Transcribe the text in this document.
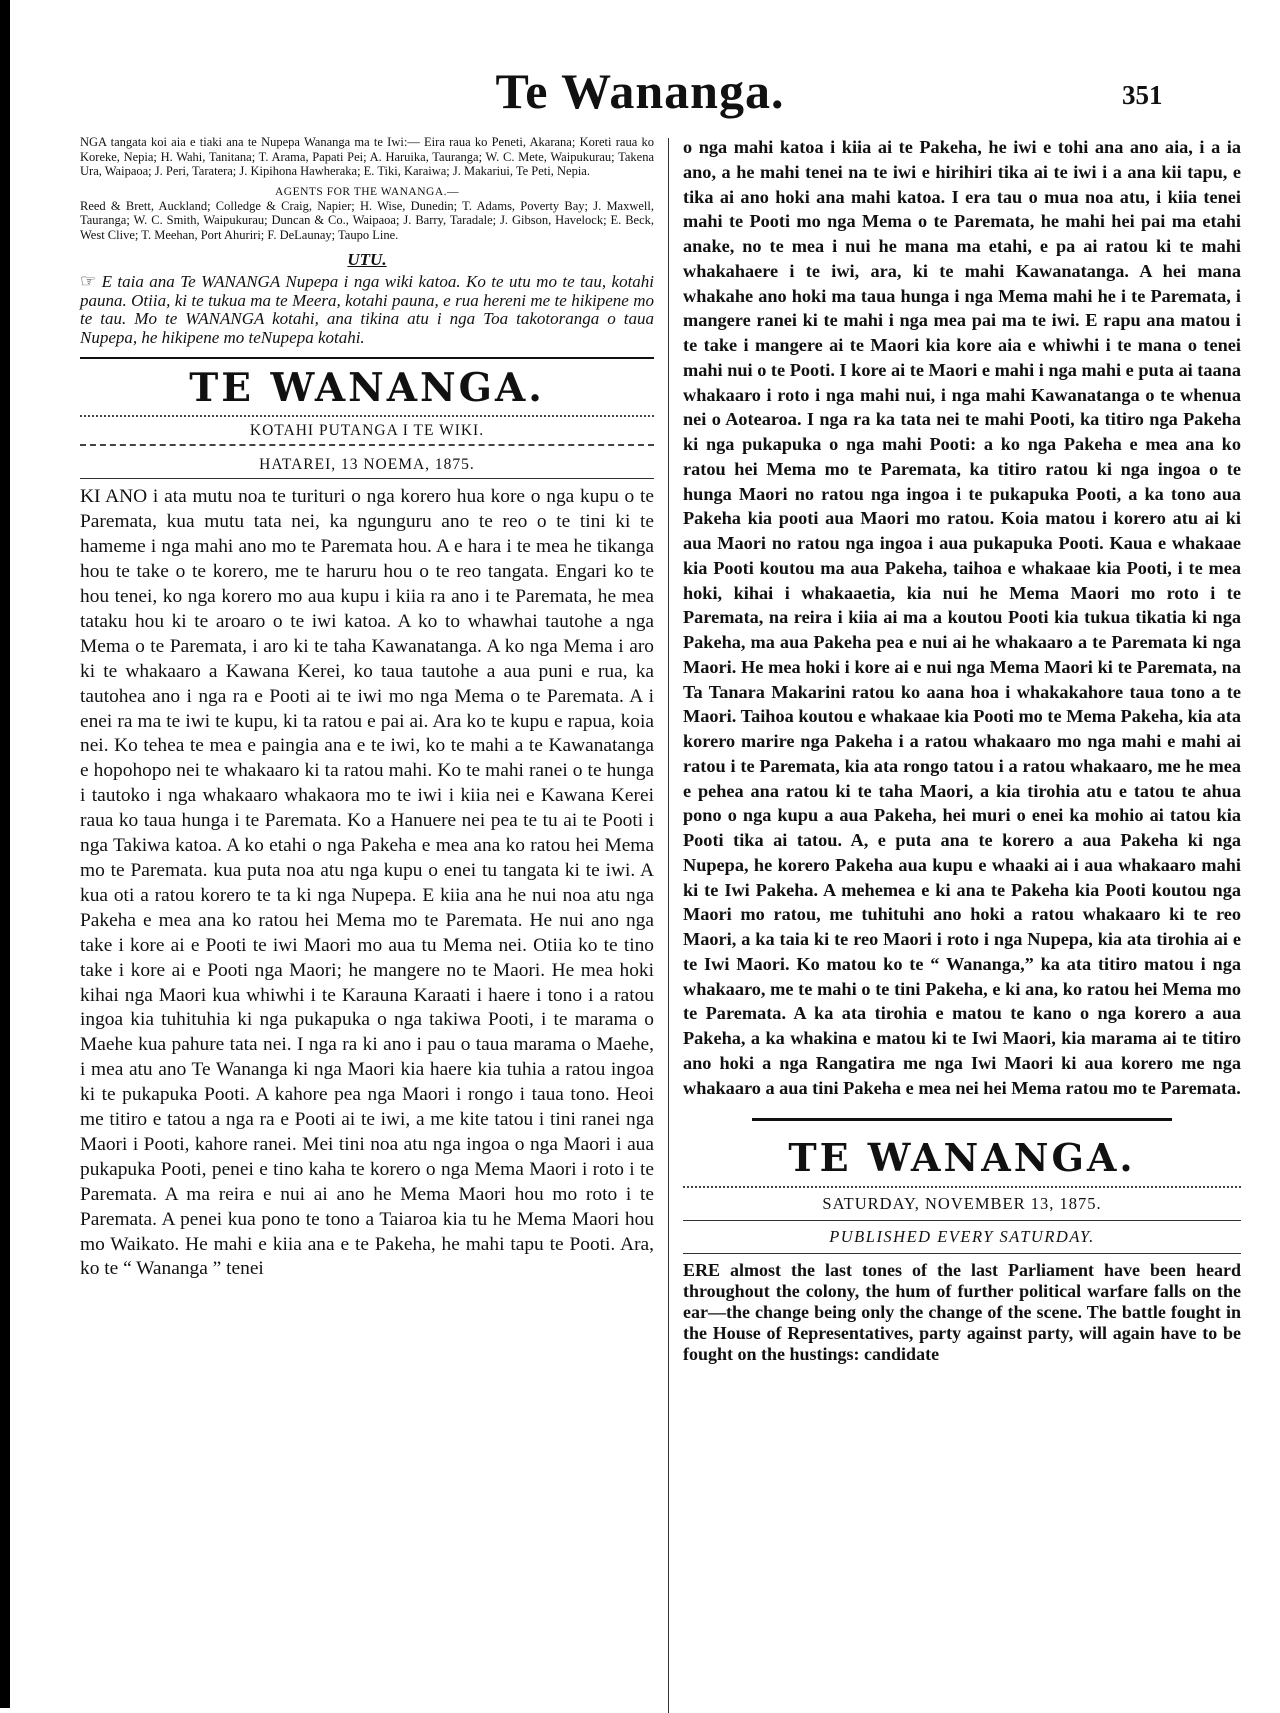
Te Wananga.	351

NGA tangata koi aia e tiaki ana te Nupepa Wananga ma te Iwi:— Eira raua ko Peneti, Akarana; Koreti raua ko Koreke, Nepia; H. Wahi, Tanitana; T. Arama, Papati Pei; A. Haruika, Tauranga; W. C. Mete, Waipukurau; Takena Ura, Waipaoa; J. Peri, Taratera; J. Kipihona Hawheraka; E. Tiki, Karaiwa; J. Makariui, Te Peti, Nepia.

AGENTS FOR THE WANANGA.—

Reed & Brett, Auckland; Colledge & Craig, Napier; H. Wise, Dunedin; T. Adams, Poverty Bay; J. Maxwell, Tauranga; W. C. Smith, Waipukurau; Duncan & Co., Waipaoa; J. Barry, Taradale; J. Gibson, Havelock; E. Beck, West Clive; T. Meehan, Port Ahuriri; F. DeLaunay; Taupo Line.

UTU.

☞ E taia ana Te WANANGA Nupepa i nga wiki katoa. Ko te utu mo te tau, kotahi pauna. Otiia, ki te tukua ma te Meera, kotahi pauna, e rua hereni me te hikipene mo te tau. Mo te WANANGA kotahi, ana tikina atu i nga Toa takotoranga o taua Nupepa, he hikipene mo teNupepa kotahi.

TE WANANGA.
KOTAHI PUTANGA I TE WIKI.
HATAREI, 13 NOEMA, 1875.

KI ANO i ata mutu noa te turituri o nga korero hua kore o nga kupu o te Paremata, kua mutu tata nei, ka ngunguru ano te reo o te tini ki te hameme i nga mahi ano mo te Paremata hou. A e hara i te mea he tikanga hou te take o te korero, me te haruru hou o te reo tangata. Engari ko te hou tenei, ko nga korero mo aua kupu i kiia ra ano i te Paremata, he mea tataku hou ki te aroaro o te iwi katoa. A ko to whawhai tautohe a nga Mema o te Paremata, i aro ki te taha Kawanatanga. A ko nga Mema i aro ki te whakaaro a Kawana Kerei, ko taua tautohe a aua puni e rua, ka tautohea ano i nga ra e Pooti ai te iwi mo nga Mema o te Paremata. A i enei ra ma te iwi te kupu, ki ta ratou e pai ai. Ara ko te kupu e rapua, koia nei. Ko tehea te mea e paingia ana e te iwi, ko te mahi a te Kawanatanga e hopohopo nei te whakaaro ki ta ratou mahi. Ko te mahi ranei o te hunga i tautoko i nga whakaaro whakaora mo te iwi i kiia nei e Kawana Kerei raua ko taua hunga i te Paremata. Ko a Hanuere nei pea te tu ai te Pooti i nga Takiwa katoa. A ko etahi o nga Pakeha e mea ana ko ratou hei Mema mo te Paremata. kua puta noa atu nga kupu o enei tu tangata ki te iwi. A kua oti a ratou korero te ta ki nga Nupepa. E kiia ana he nui noa atu nga Pakeha e mea ana ko ratou hei Mema mo te Paremata. He nui ano nga take i kore ai e Pooti te iwi Maori mo aua tu Mema nei. Otiia ko te tino take i kore ai e Pooti nga Maori; he mangere no te Maori. He mea hoki kihai nga Maori kua whiwhi i te Karauna Karaati i haere i tono i a ratou ingoa kia tuhituhia ki nga pukapuka o nga takiwa Pooti, i te marama o Maehe kua pahure tata nei. I nga ra ki ano i pau o taua marama o Maehe, i mea atu ano Te Wananga ki nga Maori kia haere kia tuhia a ratou ingoa ki te pukapuka Pooti. A kahore pea nga Maori i rongo i taua tono. Heoi me titiro e tatou a nga ra e Pooti ai te iwi, a me kite tatou i tini ranei nga Maori i Pooti, kahore ranei. Mei tini noa atu nga ingoa o nga Maori i aua pukapuka Pooti, penei e tino kaha te korero o nga Mema Maori i roto i te Paremata. A ma reira e nui ai ano he Mema Maori hou mo roto i te Paremata. A penei kua pono te tono a Taiaroa kia tu he Mema Maori hou mo Waikato. He mahi e kiia ana e te Pakeha, he mahi tapu te Pooti. Ara, ko te “ Wananga ” tenei

o nga mahi katoa i kiia ai te Pakeha, he iwi e tohi ana ano aia, i a ia ano, a he mahi tenei na te iwi e hirihiri tika ai te iwi i a ana kii tapu, e tika ai ano hoki ana mahi katoa. I era tau o mua noa atu, i kiia tenei mahi te Pooti mo nga Mema o te Paremata, he mahi hei pai ma etahi anake, no te mea i nui he mana ma etahi, e pa ai ratou ki te mahi whakahaere i te iwi, ara, ki te mahi Kawanatanga. A hei mana whakahe ano hoki ma taua hunga i nga Mema mahi he i te Paremata, i mangere ranei ki te mahi i nga mea pai ma te iwi. E rapu ana matou i te take i mangere ai te Maori kia kore aia e whiwhi i te mana o tenei mahi nui o te Pooti. I kore ai te Maori e mahi i nga mahi e puta ai taana whakaaro i roto i nga mahi nui, i nga mahi Kawanatanga o te whenua nei o Aotearoa. I nga ra ka tata nei te mahi Pooti, ka titiro nga Pakeha ki nga pukapuka o nga mahi Pooti: a ko nga Pakeha e mea ana ko ratou hei Mema mo te Paremata, ka titiro ratou ki nga ingoa o te hunga Maori no ratou nga ingoa i te pukapuka Pooti, a ka tono aua Pakeha kia pooti aua Maori mo ratou. Koia matou i korero atu ai ki aua Maori no ratou nga ingoa i aua pukapuka Pooti. Kaua e whakaae kia Pooti koutou ma aua Pakeha, taihoa e whakaae kia Pooti, i te mea hoki, kihai i whakaaetia, kia nui he Mema Maori mo roto i te Paremata, na reira i kiia ai ma a koutou Pooti kia tukua tikatia ki nga Pakeha, ma aua Pakeha pea e nui ai he whakaaro a te Paremata ki nga Maori. He mea hoki i kore ai e nui nga Mema Maori ki te Paremata, na Ta Tanara Makarini ratou ko aana hoa i whakakahore taua tono a te Maori. Taihoa koutou e whakaae kia Pooti mo te Mema Pakeha, kia ata korero marire nga Pakeha i a ratou whakaaro mo nga mahi e mahi ai ratou i te Paremata, kia ata rongo tatou i a ratou whakaaro, me he mea e pehea ana ratou ki te taha Maori, a kia tirohia atu e tatou te ahua pono o nga kupu a aua Pakeha, hei muri o enei ka mohio ai tatou kia Pooti tika ai tatou. A, e puta ana te korero a aua Pakeha ki nga Nupepa, he korero Pakeha aua kupu e whaaki ai i aua whakaaro mahi ki te Iwi Pakeha. A mehemea e ki ana te Pakeha kia Pooti koutou nga Maori mo ratou, me tuhituhi ano hoki a ratou whakaaro ki te reo Maori, a ka taia ki te reo Maori i roto i nga Nupepa, kia ata tirohia ai e te Iwi Maori. Ko matou ko te “ Wananga,” ka ata titiro matou i nga whakaaro, me te mahi o te tini Pakeha, e ki ana, ko ratou hei Mema mo te Paremata. A ka ata tirohia e matou te kano o nga korero a aua Pakeha, a ka whakina e matou ki te Iwi Maori, kia marama ai te titiro ano hoki a nga Rangatira me nga Iwi Maori ki aua korero me nga whakaaro a aua tini Pakeha e mea nei hei Mema ratou mo te Paremata.

TE WANANGA.
SATURDAY, NOVEMBER 13, 1875.
PUBLISHED EVERY SATURDAY.

ERE almost the last tones of the last Parliament have been heard throughout the colony, the hum of further political warfare falls on the ear—the change being only the change of the scene. The battle fought in the House of Representatives, party against party, will again have to be fought on the hustings: candidate
